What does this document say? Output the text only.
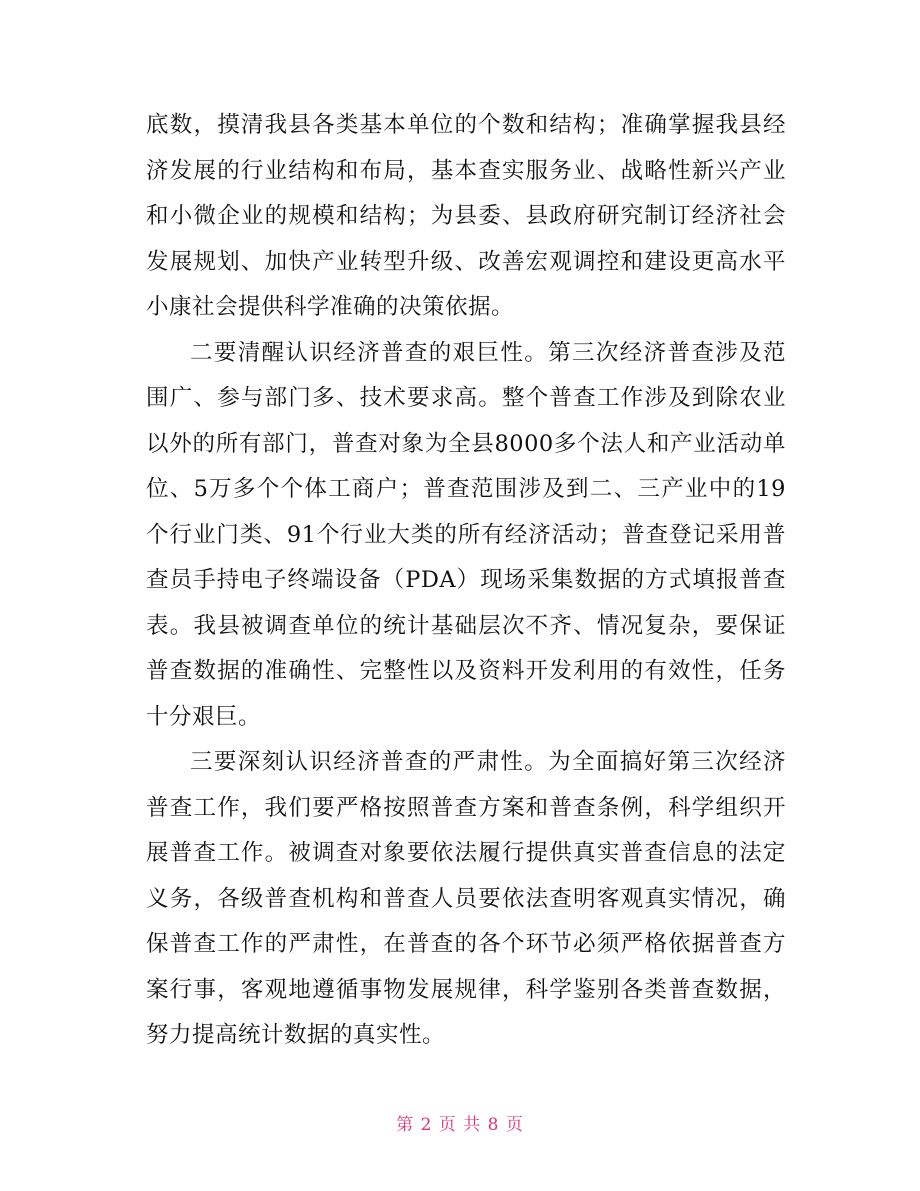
底数，摸清我县各类基本单位的个数和结构；准确掌握我县经
济发展的行业结构和布局，基本查实服务业、战略性新兴产业
和小微企业的规模和结构；为县委、县政府研究制订经济社会
发展规划、加快产业转型升级、改善宏观调控和建设更高水平
小康社会提供科学准确的决策依据。
二要清醒认识经济普查的艰巨性。第三次经济普查涉及范
围广、参与部门多、技术要求高。整个普查工作涉及到除农业
以外的所有部门，普查对象为全县8000多个法人和产业活动单
位、5万多个个体工商户；普查范围涉及到二、三产业中的19
个行业门类、91个行业大类的所有经济活动；普查登记采用普
查员手持电子终端设备（PDA）现场采集数据的方式填报普查
表。我县被调查单位的统计基础层次不齐、情况复杂，要保证
普查数据的准确性、完整性以及资料开发利用的有效性，任务
十分艰巨。
三要深刻认识经济普查的严肃性。为全面搞好第三次经济
普查工作，我们要严格按照普查方案和普查条例，科学组织开
展普查工作。被调查对象要依法履行提供真实普查信息的法定
义务，各级普查机构和普查人员要依法查明客观真实情况，确
保普查工作的严肃性，在普查的各个环节必须严格依据普查方
案行事，客观地遵循事物发展规律，科学鉴别各类普查数据，
努力提高统计数据的真实性。
第 2 页 共 8 页
